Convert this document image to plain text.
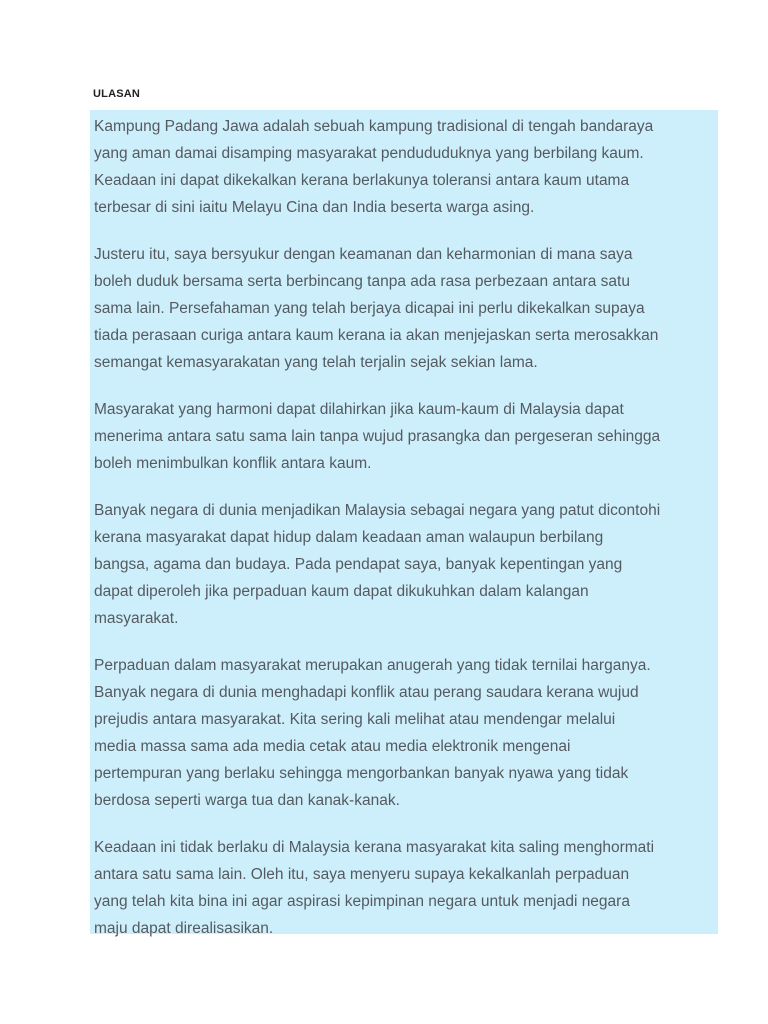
ULASAN
Kampung Padang Jawa adalah sebuah kampung tradisional di tengah bandaraya
yang aman damai disamping masyarakat pendududuknya yang berbilang kaum.
Keadaan ini dapat dikekalkan kerana berlakunya toleransi antara kaum utama
terbesar di sini iaitu Melayu Cina dan India beserta warga asing.
Justeru itu, saya bersyukur dengan keamanan dan keharmonian di mana saya
boleh duduk bersama serta berbincang tanpa ada rasa perbezaan antara satu
sama lain. Persefahaman yang telah berjaya dicapai ini perlu dikekalkan supaya
tiada perasaan curiga antara kaum kerana ia akan menjejaskan serta merosakkan
semangat kemasyarakatan yang telah terjalin sejak sekian lama.
Masyarakat yang harmoni dapat dilahirkan jika kaum-kaum di Malaysia dapat
menerima antara satu sama lain tanpa wujud prasangka dan pergeseran sehingga
boleh menimbulkan konflik antara kaum.
Banyak negara di dunia menjadikan Malaysia sebagai negara yang patut dicontohi
kerana masyarakat dapat hidup dalam keadaan aman walaupun berbilang
bangsa, agama dan budaya. Pada pendapat saya, banyak kepentingan yang
dapat diperoleh jika perpaduan kaum dapat dikukuhkan dalam kalangan
masyarakat.
Perpaduan dalam masyarakat merupakan anugerah yang tidak ternilai harganya.
Banyak negara di dunia menghadapi konflik atau perang saudara kerana wujud
prejudis antara masyarakat. Kita sering kali melihat atau mendengar melalui
media massa sama ada media cetak atau media elektronik mengenai
pertempuran yang berlaku sehingga mengorbankan banyak nyawa yang tidak
berdosa seperti warga tua dan kanak-kanak.
Keadaan ini tidak berlaku di Malaysia kerana masyarakat kita saling menghormati
antara satu sama lain. Oleh itu, saya menyeru supaya kekalkanlah perpaduan
yang telah kita bina ini agar aspirasi kepimpinan negara untuk menjadi negara
maju dapat direalisasikan.
